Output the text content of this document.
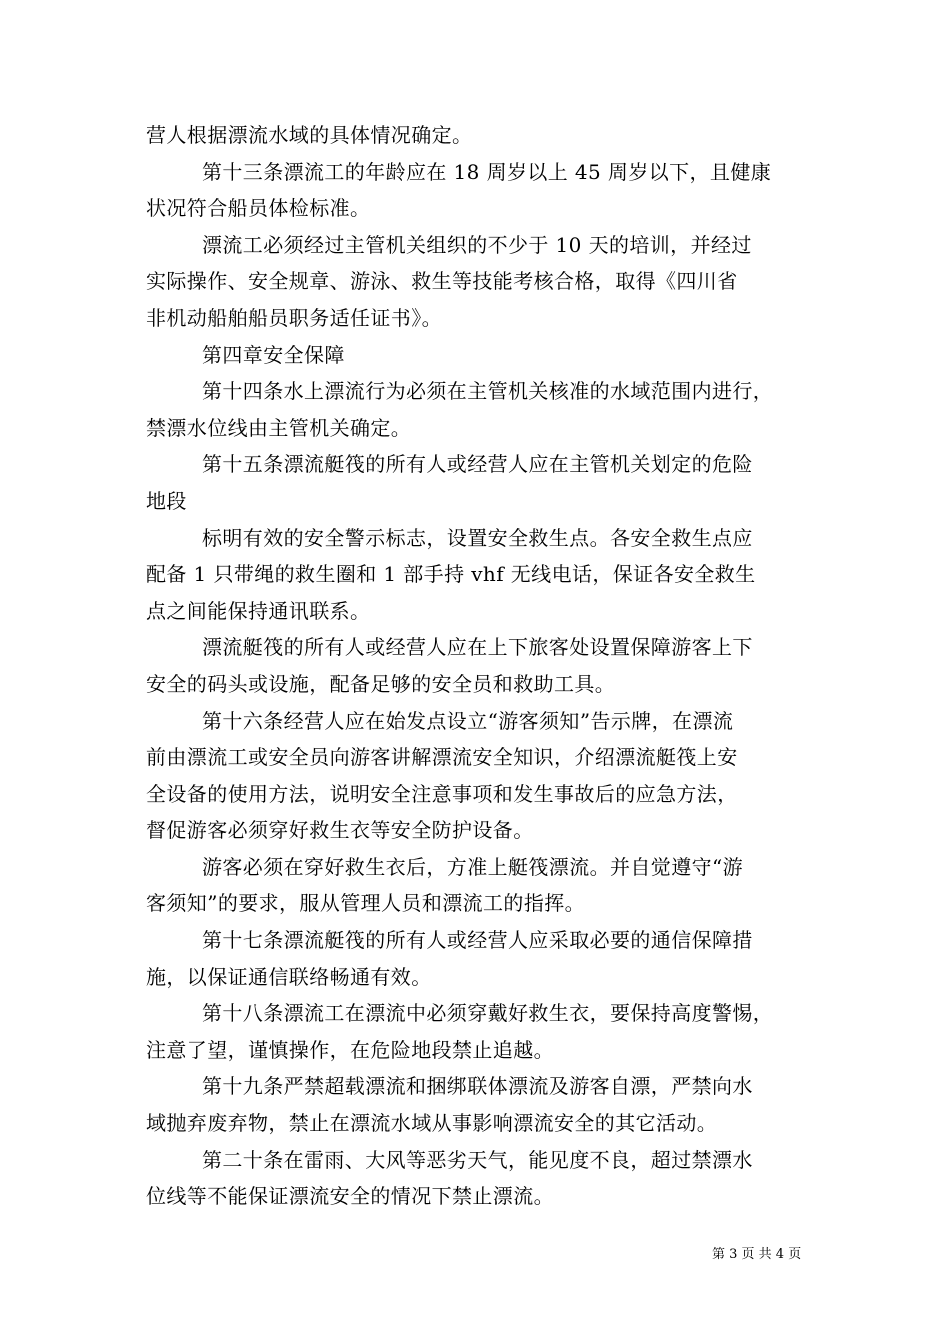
营人根据漂流水域的具体情况确定。
第十三条漂流工的年龄应在 18 周岁以上 45 周岁以下，且健康
状况符合船员体检标准。
漂流工必须经过主管机关组织的不少于 10 天的培训，并经过
实际操作、安全规章、游泳、救生等技能考核合格，取得《四川省
非机动船舶船员职务适任证书》。
第四章安全保障
第十四条水上漂流行为必须在主管机关核准的水域范围内进行，
禁漂水位线由主管机关确定。
第十五条漂流艇筏的所有人或经营人应在主管机关划定的危险
地段
标明有效的安全警示标志，设置安全救生点。各安全救生点应
配备 1 只带绳的救生圈和 1 部手持 vhf 无线电话，保证各安全救生
点之间能保持通讯联系。
漂流艇筏的所有人或经营人应在上下旅客处设置保障游客上下
安全的码头或设施，配备足够的安全员和救助工具。
第十六条经营人应在始发点设立“游客须知”告示牌，在漂流
前由漂流工或安全员向游客讲解漂流安全知识，介绍漂流艇筏上安
全设备的使用方法，说明安全注意事项和发生事故后的应急方法，
督促游客必须穿好救生衣等安全防护设备。
游客必须在穿好救生衣后，方准上艇筏漂流。并自觉遵守“游
客须知”的要求，服从管理人员和漂流工的指挥。
第十七条漂流艇筏的所有人或经营人应采取必要的通信保障措
施，以保证通信联络畅通有效。
第十八条漂流工在漂流中必须穿戴好救生衣，要保持高度警惕，
注意了望，谨慎操作，在危险地段禁止追越。
第十九条严禁超载漂流和捆绑联体漂流及游客自漂，严禁向水
域抛弃废弃物，禁止在漂流水域从事影响漂流安全的其它活动。
第二十条在雷雨、大风等恶劣天气，能见度不良，超过禁漂水
位线等不能保证漂流安全的情况下禁止漂流。
第 3 页 共 4 页
